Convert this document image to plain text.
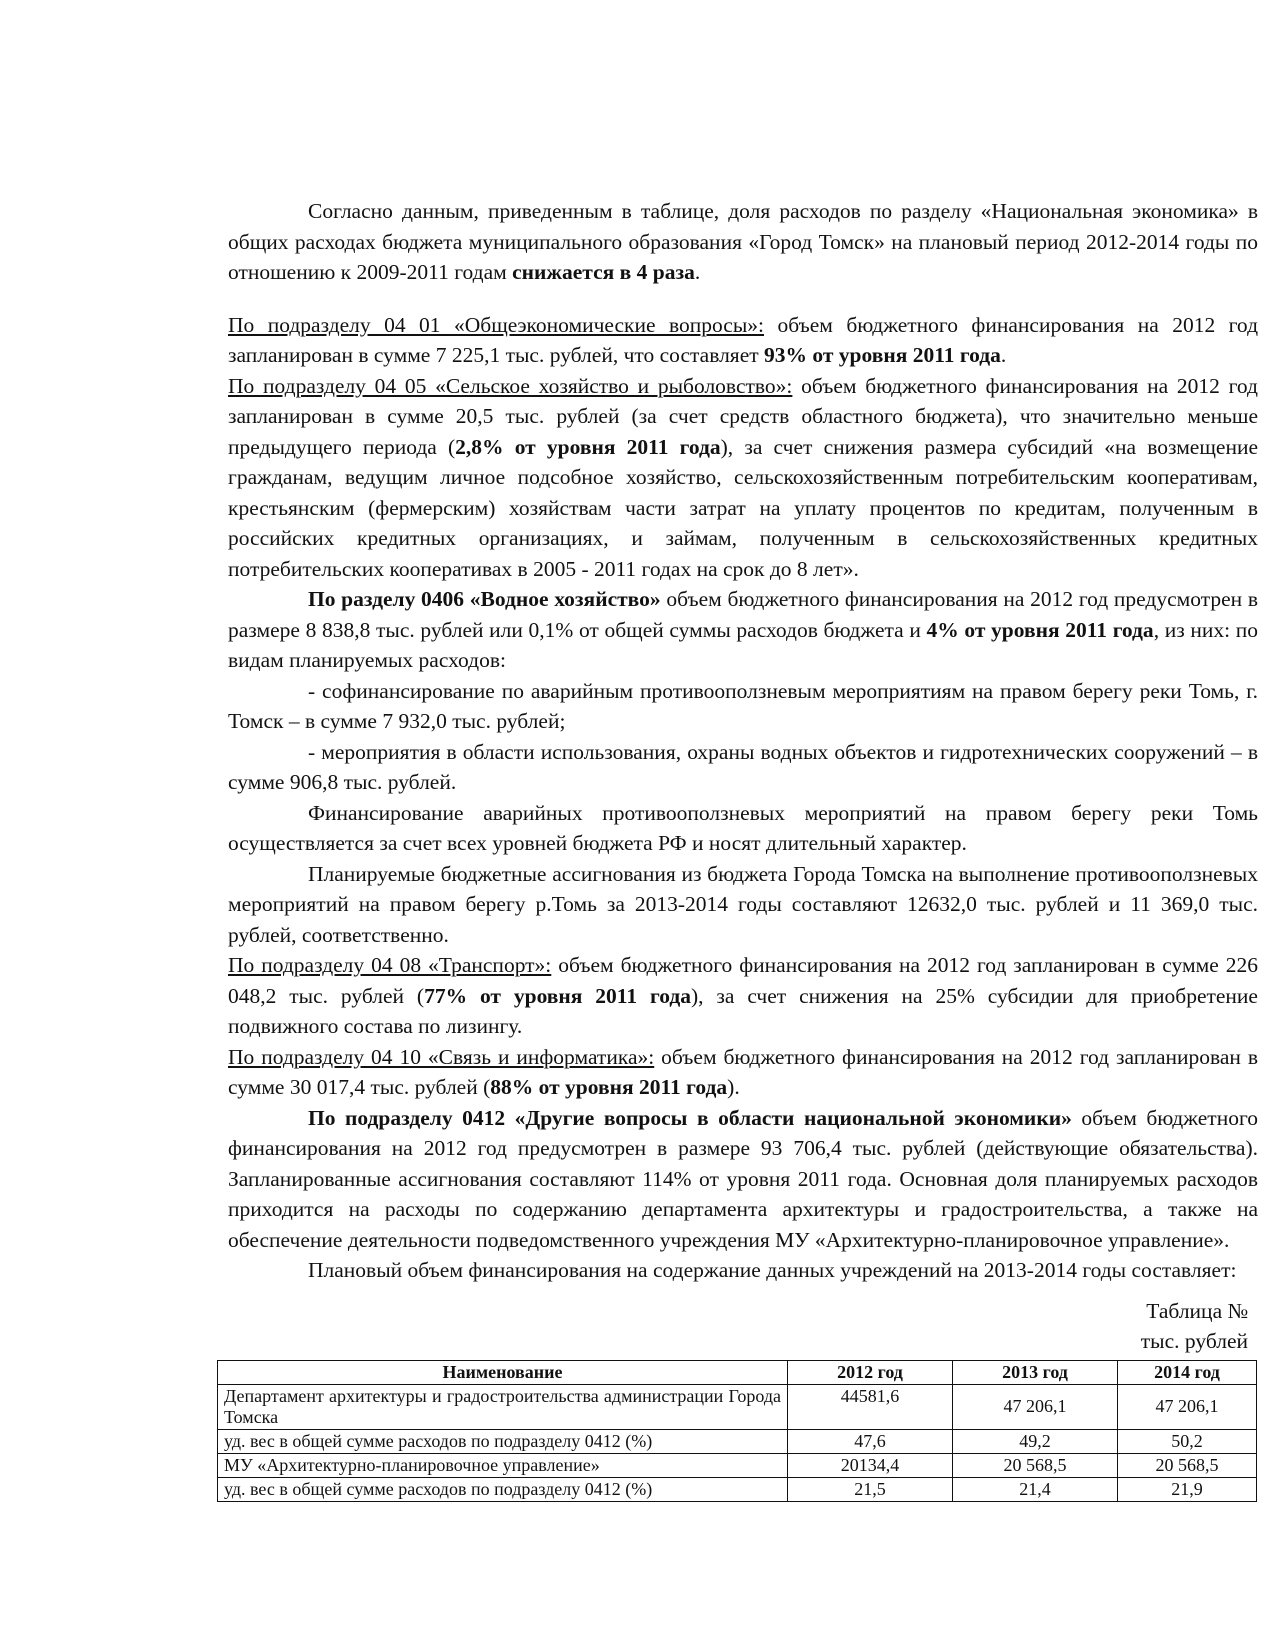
Согласно данным, приведенным в таблице, доля расходов по разделу «Национальная экономика» в общих расходах бюджета муниципального образования «Город Томск» на плановый период 2012-2014 годы по отношению к 2009-2011 годам снижается в 4 раза.

По подразделу 04 01 «Общеэкономические вопросы»: объем бюджетного финансирования на 2012 год запланирован в сумме 7 225,1 тыс. рублей, что составляет 93% от уровня 2011 года.

По подразделу 04 05 «Сельское хозяйство и рыболовство»: объем бюджетного финансирования на 2012 год запланирован в сумме 20,5 тыс. рублей (за счет средств областного бюджета), что значительно меньше предыдущего периода (2,8% от уровня 2011 года), за счет снижения размера субсидий «на возмещение гражданам, ведущим личное подсобное хозяйство, сельскохозяйственным потребительским кооперативам, крестьянским (фермерским) хозяйствам части затрат на уплату процентов по кредитам, полученным в российских кредитных организациях, и займам, полученным в сельскохозяйственных кредитных потребительских кооперативах в 2005 - 2011 годах на срок до 8 лет».

По разделу 0406 «Водное хозяйство» объем бюджетного финансирования на 2012 год предусмотрен в размере 8 838,8 тыс. рублей или 0,1% от общей суммы расходов бюджета и 4% от уровня 2011 года, из них: по видам планируемых расходов:

- софинансирование по аварийным противооползневым мероприятиям на правом берегу реки Томь, г. Томск – в сумме 7 932,0 тыс. рублей;

- мероприятия в области использования, охраны водных объектов и гидротехнических сооружений – в сумме 906,8 тыс. рублей.

Финансирование аварийных противооползневых мероприятий на правом берегу реки Томь осуществляется за счет всех уровней бюджета РФ и носят длительный характер.

Планируемые бюджетные ассигнования из бюджета Города Томска на выполнение противооползневых мероприятий на правом берегу р.Томь за 2013-2014 годы составляют 12632,0 тыс. рублей и 11 369,0 тыс. рублей, соответственно.

По подразделу 04 08 «Транспорт»: объем бюджетного финансирования на 2012 год запланирован в сумме 226 048,2 тыс. рублей (77% от уровня 2011 года), за счет снижения на 25% субсидии для приобретение подвижного состава по лизингу.

По подразделу 04 10 «Связь и информатика»: объем бюджетного финансирования на 2012 год запланирован в сумме 30 017,4 тыс. рублей (88% от уровня 2011 года).

По подразделу 0412 «Другие вопросы в области национальной экономики» объем бюджетного финансирования на 2012 год предусмотрен в размере 93 706,4 тыс. рублей (действующие обязательства). Запланированные ассигнования составляют 114% от уровня 2011 года. Основная доля планируемых расходов приходится на расходы по содержанию департамента архитектуры и градостроительства, а также на обеспечение деятельности подведомственного учреждения МУ «Архитектурно-планировочное управление».

Плановый объем финансирования на содержание данных учреждений на 2013-2014 годы составляет:

Таблица №
тыс. рублей
Наименование	2012 год	2013 год	2014 год
Департамент архитектуры и градостроительства администрации Города Томска	44581,6	47 206,1	47 206,1
уд. вес в общей сумме расходов по подразделу 0412 (%)	47,6	49,2	50,2
МУ «Архитектурно-планировочное управление»	20134,4	20 568,5	20 568,5
уд. вес в общей сумме расходов по подразделу 0412 (%)	21,5	21,4	21,9
